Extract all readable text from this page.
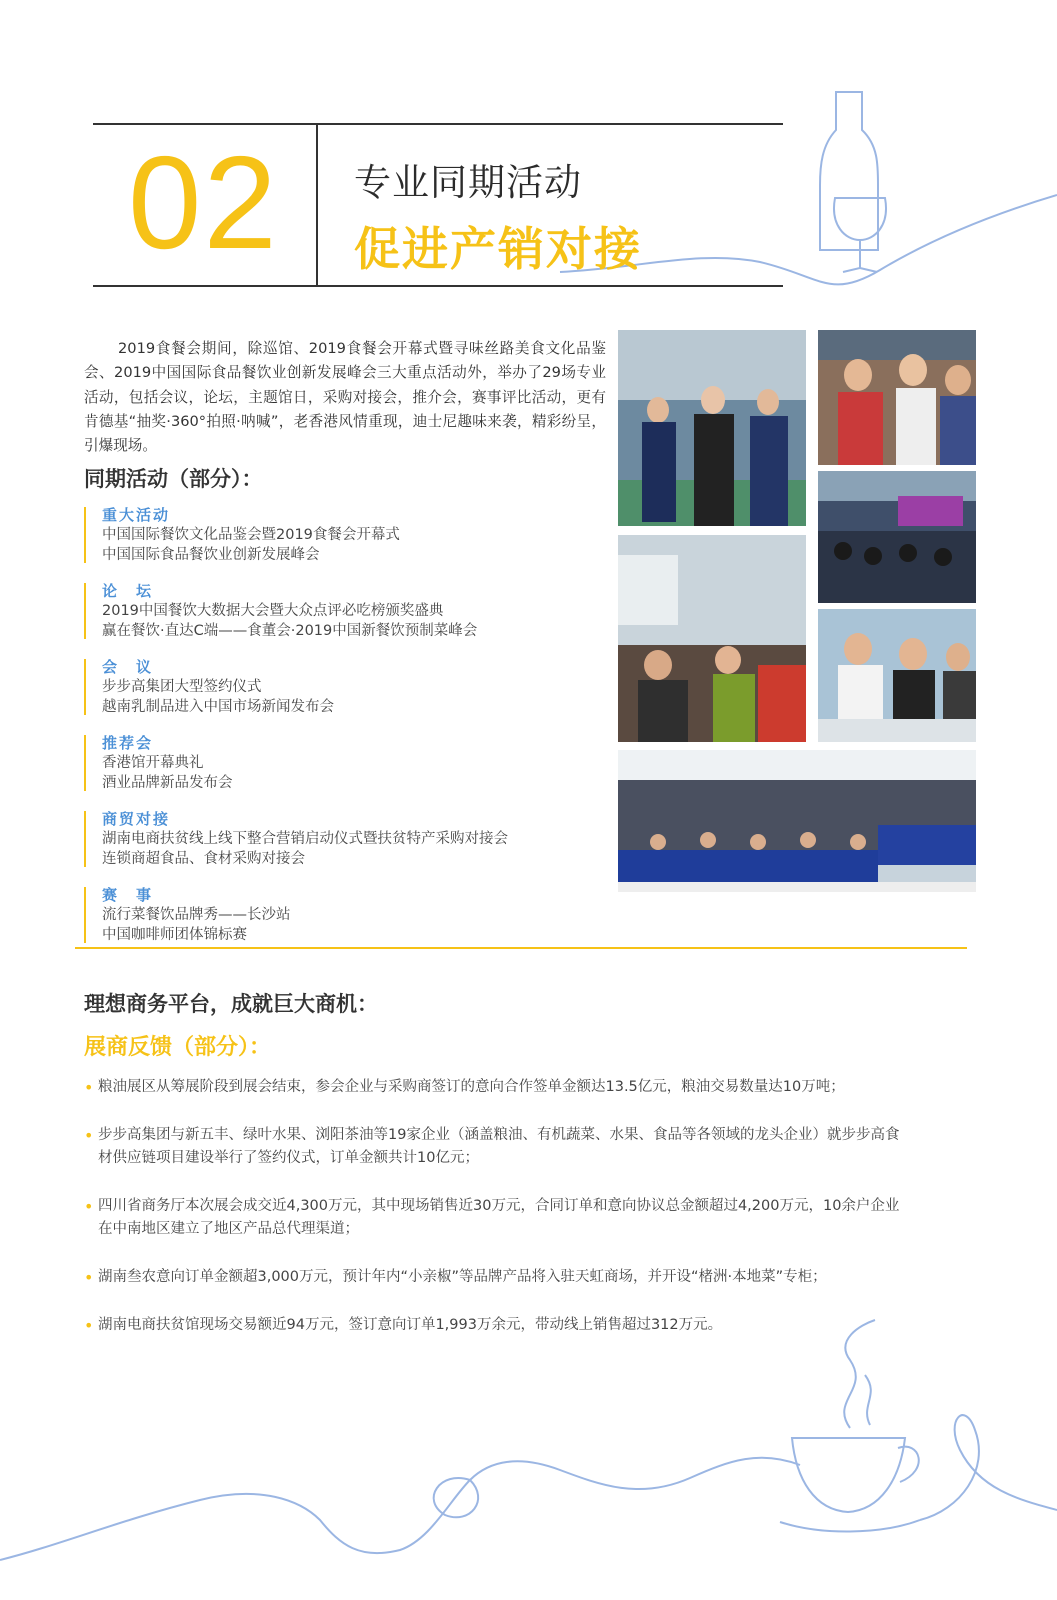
02	专业同期活动
促进产销对接

2019食餐会期间，除巡馆、2019食餐会开幕式暨寻味丝路美食文化品鉴会、2019中国国际食品餐饮业创新发展峰会三大重点活动外，举办了29场专业活动，包括会议，论坛，主题馆日，采购对接会，推介会，赛事评比活动，更有肯德基“抽奖·360°拍照·呐喊”，老香港风情重现，迪士尼趣味来袭，精彩纷呈，引爆现场。

同期活动（部分）：
重大活动
中国国际餐饮文化品鉴会暨2019食餐会开幕式
中国国际食品餐饮业创新发展峰会
论　坛
2019中国餐饮大数据大会暨大众点评必吃榜颁奖盛典
赢在餐饮·直达C端——食董会·2019中国新餐饮预制菜峰会
会　议
步步高集团大型签约仪式
越南乳制品进入中国市场新闻发布会
推荐会
香港馆开幕典礼
酒业品牌新品发布会
商贸对接
湖南电商扶贫线上线下整合营销启动仪式暨扶贫特产采购对接会
连锁商超食品、食材采购对接会
赛　事
流行菜餐饮品牌秀——长沙站
中国咖啡师团体锦标赛
理想商务平台，成就巨大商机：
展商反馈（部分）：
• 粮油展区从筹展阶段到展会结束，参会企业与采购商签订的意向合作签单金额达13.5亿元，粮油交易数量达10万吨；
• 步步高集团与新五丰、绿叶水果、浏阳茶油等19家企业（涵盖粮油、有机蔬菜、水果、食品等各领域的龙头企业）就步步高食材供应链项目建设举行了签约仪式，订单金额共计10亿元；
• 四川省商务厅本次展会成交近4,300万元，其中现场销售近30万元，合同订单和意向协议总金额超过4,200万元，10余户企业在中南地区建立了地区产品总代理渠道；
• 湖南叁农意向订单金额超3,000万元，预计年内“小亲椒”等品牌产品将入驻天虹商场，并开设“楮洲·本地菜”专柜；
• 湖南电商扶贫馆现场交易额近94万元，签订意向订单1,993万余元，带动线上销售超过312万元。
